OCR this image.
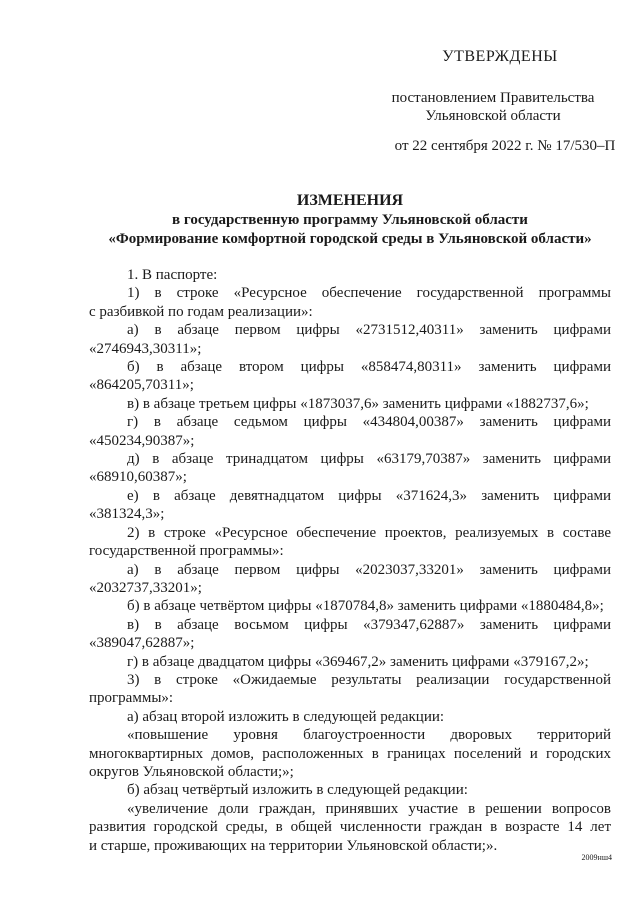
УТВЕРЖДЕНЫ
постановлением Правительства
Ульяновской области
от 22 сентября 2022 г. № 17/530–П
ИЗМЕНЕНИЯ
в государственную программу Ульяновской области
«Формирование комфортной городской среды в Ульяновской области»

1. В паспорте:

1) в строке «Ресурсное обеспечение государственной программы

с разбивкой по годам реализации»:

а) в абзаце первом цифры «2731512,40311» заменить цифрами

«2746943,30311»;

б) в абзаце втором цифры «858474,80311» заменить цифрами

«864205,70311»;

в) в абзаце третьем цифры «1873037,6» заменить цифрами «1882737,6»;

г) в абзаце седьмом цифры «434804,00387» заменить цифрами

«450234,90387»;

д) в абзаце тринадцатом цифры «63179,70387» заменить цифрами

«68910,60387»;

е) в абзаце девятнадцатом цифры «371624,3» заменить цифрами

«381324,3»;

2) в строке «Ресурсное обеспечение проектов, реализуемых в составе

государственной программы»:

а) в абзаце первом цифры «2023037,33201» заменить цифрами

«2032737,33201»;

б) в абзаце четвёртом цифры «1870784,8» заменить цифрами «1880484,8»;

в) в абзаце восьмом цифры «379347,62887» заменить цифрами

«389047,62887»;

г) в абзаце двадцатом цифры «369467,2» заменить цифрами «379167,2»;

3) в строке «Ожидаемые результаты реализации государственной

программы»:

а) абзац второй изложить в следующей редакции:

«повышение уровня благоустроенности дворовых территорий

многоквартирных домов, расположенных в границах поселений и городских

округов Ульяновской области;»;

б) абзац четвёртый изложить в следующей редакции:

«увеличение доли граждан, принявших участие в решении вопросов

развития городской среды, в общей численности граждан в возрасте 14 лет

и старше, проживающих на территории Ульяновской области;».

2009нш4
